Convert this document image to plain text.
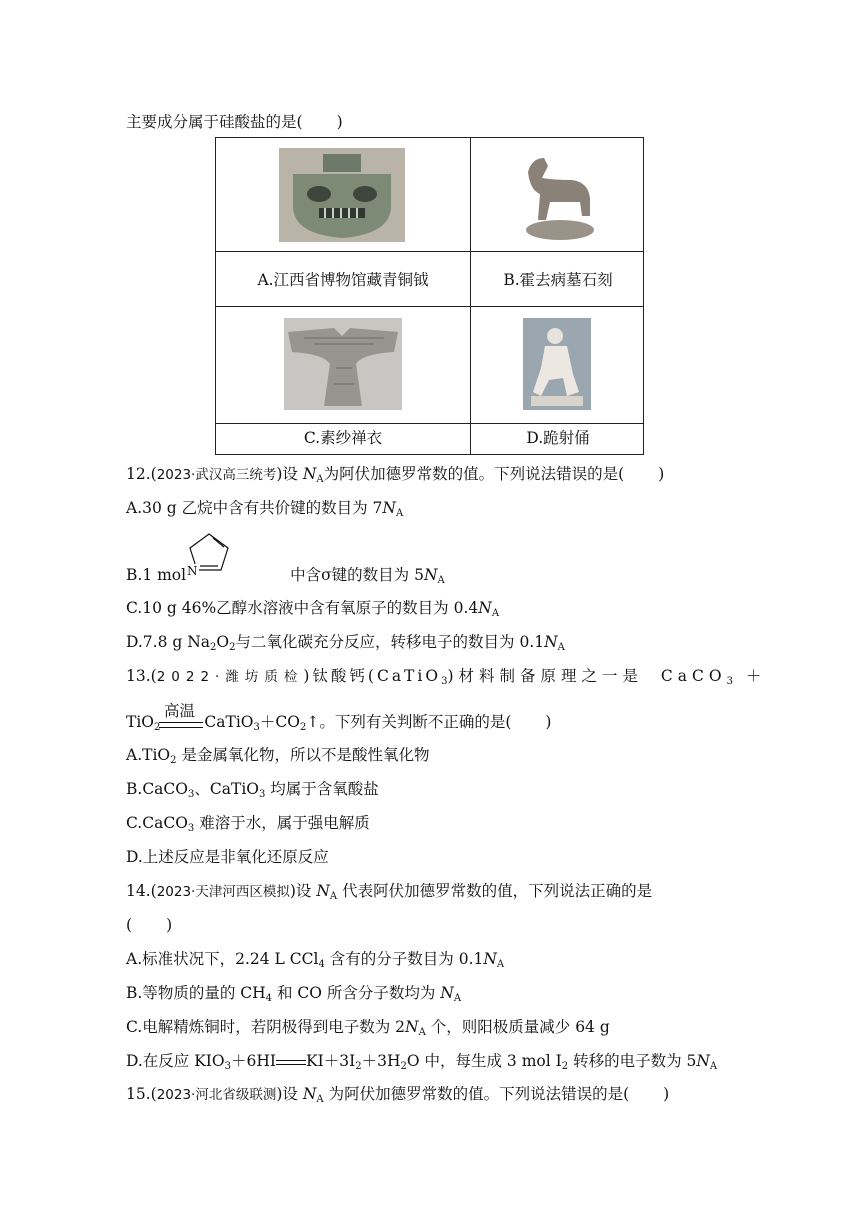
主要成分属于硅酸盐的是( )
A.江西省博物馆藏青铜钺	B.霍去病墓石刻
C.素纱禅衣	D.跪射俑
12.(2023·武汉高三统考)设 $N_A$为阿伏加德罗常数的值。下列说法错误的是( )
A.30 g 乙烷中含有共价键的数目为 $7N_A$
B.1 mol	中含σ键的数目为 $5N_A$
N
C.10 g 46%乙醇水溶液中含有氧原子的数目为 $0.4N_A$
D.7.8 g $Na_2O_2$与二氧化碳充分反应，转移电子的数目为 $0.1N_A$
13.(2022·潍坊质检)钛酸钙(CaTiO$_3$)材料制备原理之一是 CaCO$_3$ ＋
高温
TiO$_2$	$CaTiO_3+CO_2↑$。下列有关判断不正确的是( )
A.TiO$_2$ 是金属氧化物，所以不是酸性氧化物
B.CaCO$_3$、CaTiO$_3$ 均属于含氧酸盐
C.CaCO$_3$ 难溶于水，属于强电解质
D.上述反应是非氧化还原反应
14.(2023·天津河西区模拟)设 $N_A$ 代表阿伏加德罗常数的值，下列说法正确的是
( )
A.标准状况下，2.24 L CCl$_4$ 含有的分子数目为 $0.1N_A$
B.等物质的量的 $CH_4$ 和 CO 所含分子数均为 $N_A$
C.电解精炼铜时，若阴极得到电子数为 $2N_A$ 个，则阳极质量减少 64 g
D.在反应 $KIO_3+6HI$ $KI+3I_2+3H_2O$ 中，每生成 3 mol $I_2$ 转移的电子数为 $5N_A$
15.(2023·河北省级联测)设 $N_A$ 为阿伏加德罗常数的值。下列说法错误的是( )
